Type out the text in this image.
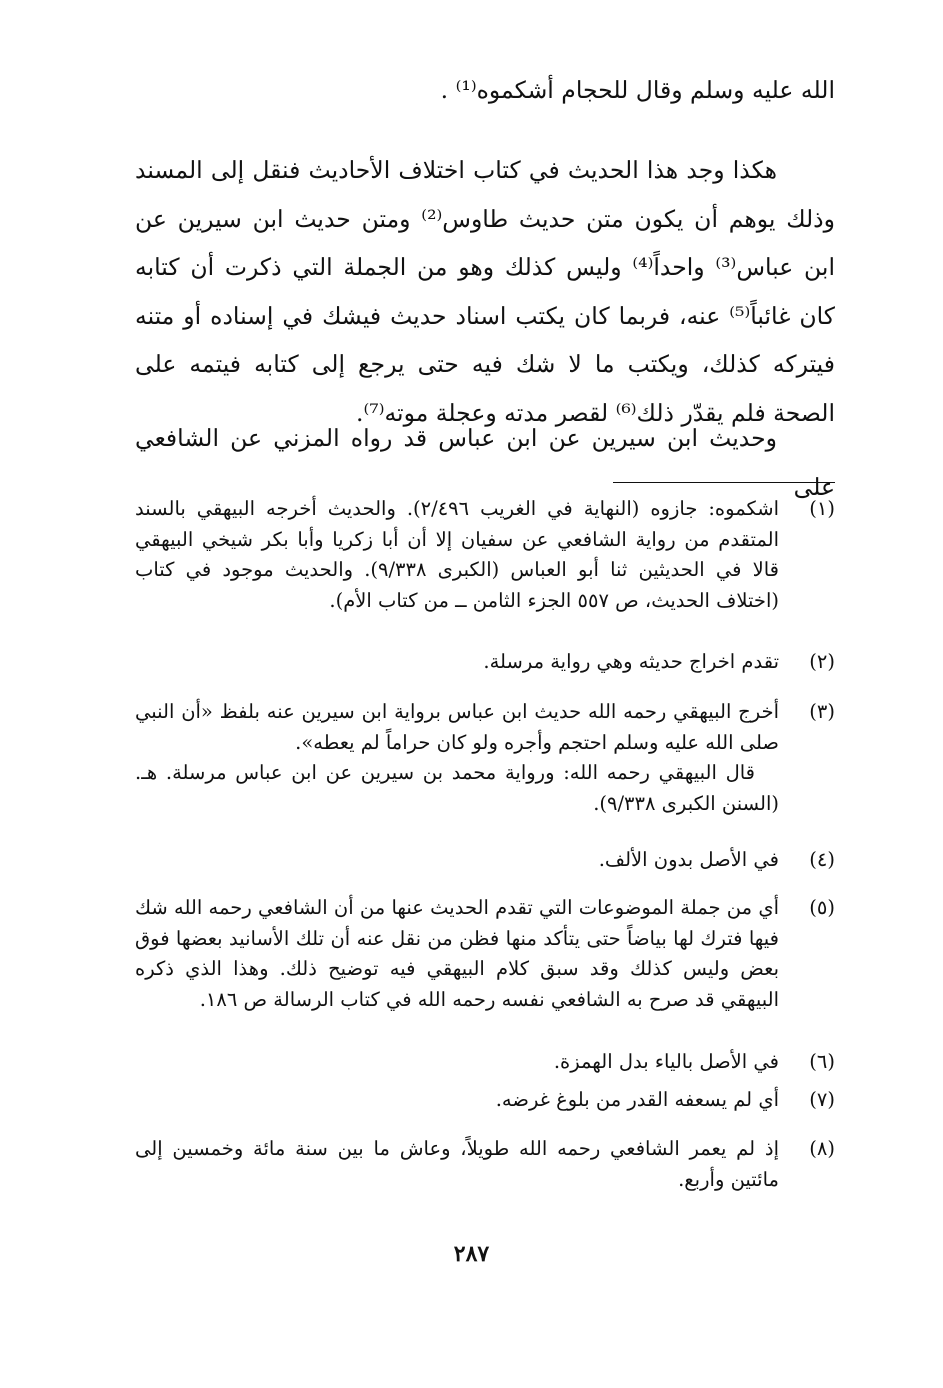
الله عليه وسلم وقال للحجام أشكموه⁽¹⁾ .

هكذا وجد هذا الحديث في كتاب اختلاف الأحاديث فنقل إلى المسند وذلك يوهم أن يكون متن حديث طاوس⁽²⁾ ومتن حديث ابن سيرين عن ابن عباس⁽³⁾ واحداً⁽⁴⁾ وليس كذلك وهو من الجملة التي ذكرت أن كتابه كان غائباً⁽⁵⁾ عنه، فربما كان يكتب اسناد حديث فيشك في إسناده أو متنه فيتركه كذلك، ويكتب ما لا شك فيه حتى يرجع إلى كتابه فيتمه على الصحة فلم يقدّر ذلك⁽⁶⁾ لقصر مدته وعجلة موته⁽⁷⁾.

وحديث ابن سيرين عن ابن عباس قد رواه المزني عن الشافعي على

(١)
اشكموه: جازوه (النهاية في الغريب ٢/٤٩٦). والحديث أخرجه البيهقي بالسند المتقدم من رواية الشافعي عن سفيان إلا أن أبا زكريا وأبا بكر شيخي البيهقي قالا في الحديثين ثنا أبو العباس (الكبرى ٩/٣٣٨). والحديث موجود في كتاب (اختلاف الحديث، ص ٥٥٧ الجزء الثامن ــ من كتاب الأم).
(٢)
تقدم اخراج حديثه وهي رواية مرسلة.
(٣)
أخرج البيهقي رحمه الله حديث ابن عباس برواية ابن سيرين عنه بلفظ «أن النبي صلى الله عليه وسلم احتجم وأجره ولو كان حراماً لم يعطه».
قال البيهقي رحمه الله: ورواية محمد بن سيرين عن ابن عباس مرسلة. هـ. (السنن الكبرى ٩/٣٣٨).
(٤)
في الأصل بدون الألف.
(٥)
أي من جملة الموضوعات التي تقدم الحديث عنها من أن الشافعي رحمه الله شك فيها فترك لها بياضاً حتى يتأكد منها فظن من نقل عنه أن تلك الأسانيد بعضها فوق بعض وليس كذلك وقد سبق كلام البيهقي فيه توضيح ذلك. وهذا الذي ذكره البيهقي قد صرح به الشافعي نفسه رحمه الله في كتاب الرسالة ص ١٨٦.
(٦)
في الأصل بالياء بدل الهمزة.
(٧)
أي لم يسعفه القدر من بلوغ غرضه.
(٨)
إذ لم يعمر الشافعي رحمه الله طويلاً، وعاش ما بين سنة مائة وخمسين إلى مائتين وأربع.
٢٨٧
